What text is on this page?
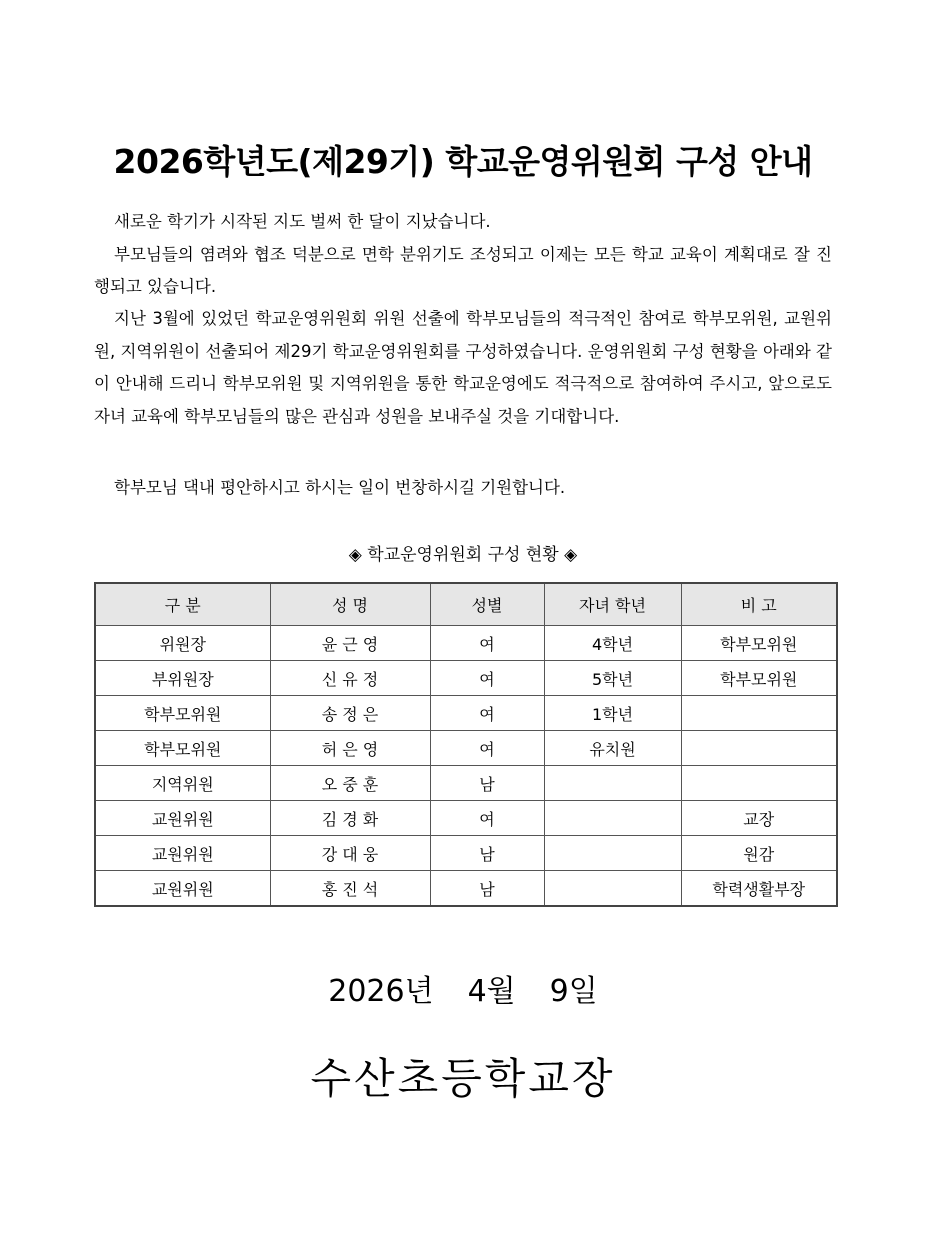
2026학년도(제29기) 학교운영위원회 구성 안내

새로운 학기가 시작된 지도 벌써 한 달이 지났습니다.
부모님들의 염려와 협조 덕분으로 면학 분위기도 조성되고 이제는 모든 학교 교육이 계획대로 잘 진행되고 있습니다.

지난 3월에 있었던 학교운영위원회 위원 선출에 학부모님들의 적극적인 참여로 학부모위원, 교원위원, 지역위원이 선출되어 제29기 학교운영위원회를 구성하였습니다. 운영위원회 구성 현황을 아래와 같이 안내해 드리니 학부모위원 및 지역위원을 통한 학교운영에도 적극적으로 참여하여 주시고, 앞으로도 자녀 교육에 학부모님들의 많은 관심과 성원을 보내주실 것을 기대합니다.

학부모님 댁내 평안하시고 하시는 일이 번창하시길 기원합니다.

◈ 학교운영위원회 구성 현황 ◈

구 분	성 명	성별	자녀 학년	비 고
위원장	윤 근 영	여	4학년	학부모위원
부위원장	신 유 정	여	5학년	학부모위원
학부모위원	송 정 은	여	1학년	
학부모위원	허 은 영	여	유치원	
지역위원	오 중 훈	남		
교원위원	김 경 화	여		교장
교원위원	강 대 웅	남		원감
교원위원	홍 진 석	남		학력생활부장

2026년 4월 9일

수산초등학교장
